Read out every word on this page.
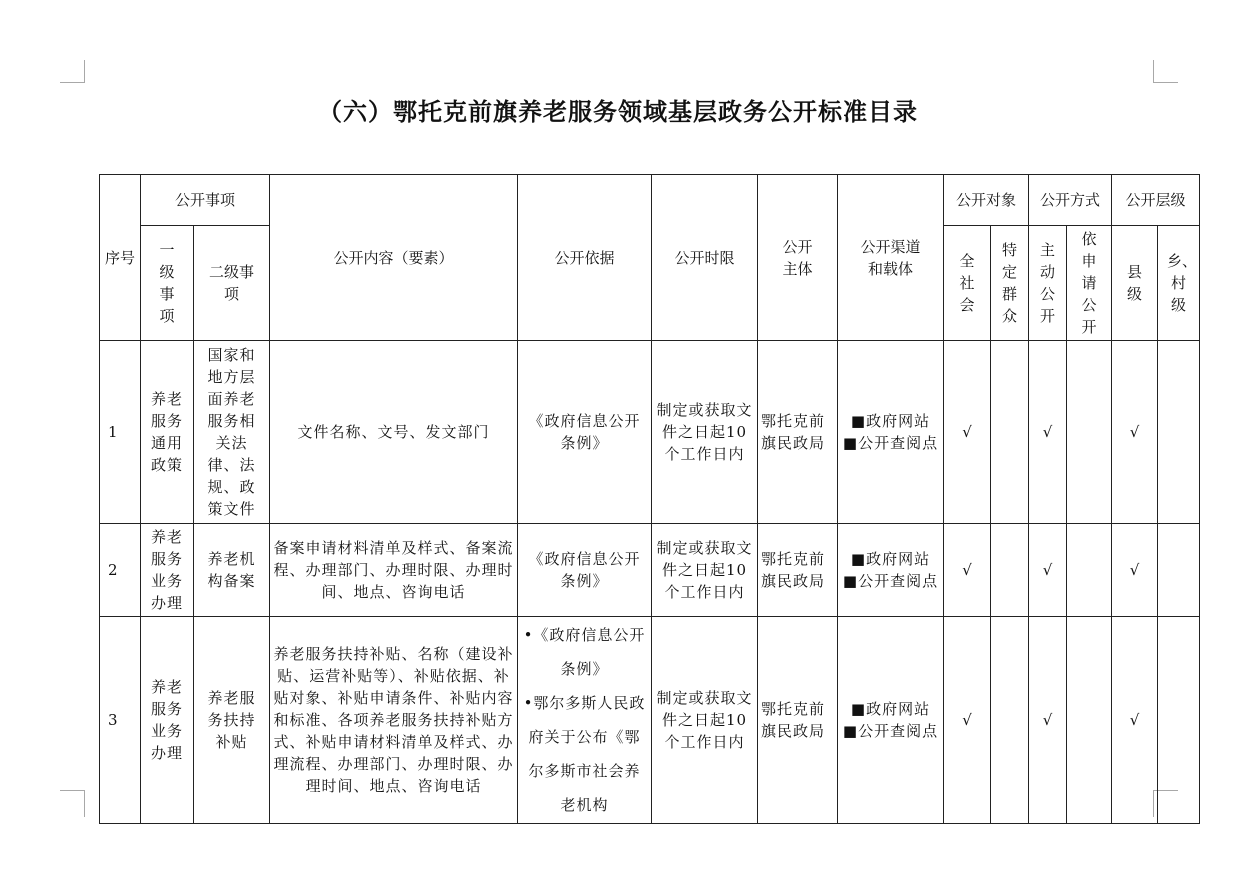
（六）鄂托克前旗养老服务领域基层政务公开标准目录
序号	公开事项		公开内容（要素）	公开依据	公开时限	公开主体	公开渠道和载体	公开对象		公开方式		公开层级	
	一级事项	二级事项						全社会	特定群众	主动公开	依申请公开	县级	乡、村级
1	养老服务通用政策	国家和地方层面养老服务相关法律、法规、政策文件	文件名称、文号、发文部门	《政府信息公开条例》	制定或获取文件之日起10个工作日内	鄂托克前旗民政局	■政府网站
■公开查阅点	√		√		√	
2	养老服务业务办理	养老机构备案	备案申请材料清单及样式、备案流程、办理部门、办理时限、办理时间、地点、咨询电话	《政府信息公开条例》	制定或获取文件之日起10个工作日内	鄂托克前旗民政局	■政府网站
■公开查阅点	√		√		√	
3	养老服务业务办理	养老服务扶持补贴	养老服务扶持补贴、名称（建设补贴、运营补贴等）、补贴依据、补贴对象、补贴申请条件、补贴内容和标准、各项养老服务扶持补贴方式、补贴申请材料清单及样式、办理流程、办理部门、办理时限、办理时间、地点、咨询电话	•《政府信息公开条例》
•鄂尔多斯人民政府关于公布《鄂尔多斯市社会养老机构	制定或获取文件之日起10个工作日内	鄂托克前旗民政局	■政府网站
■公开查阅点	√		√		√	
